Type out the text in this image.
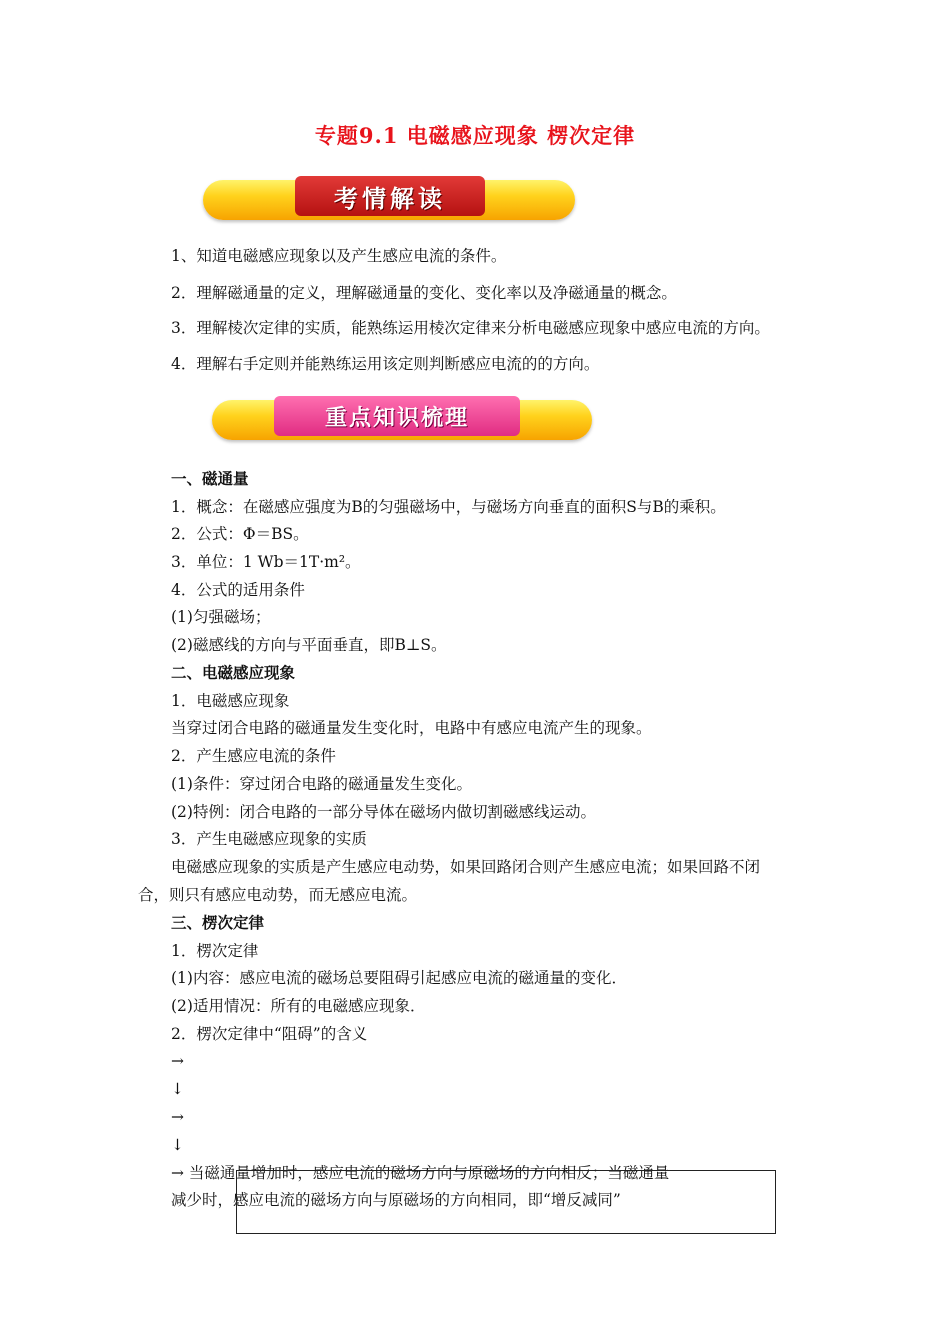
专题9.1 电磁感应现象 楞次定律
考情解读
1、知道电磁感应现象以及产生感应电流的条件。
2．理解磁通量的定义，理解磁通量的变化、变化率以及净磁通量的概念。
3．理解棱次定律的实质，能熟练运用棱次定律来分析电磁感应现象中感应电流的方向。
4．理解右手定则并能熟练运用该定则判断感应电流的的方向。
重点知识梳理
一、磁通量
1．概念：在磁感应强度为B的匀强磁场中，与磁场方向垂直的面积S与B的乘积。
2．公式：Φ＝BS。
3．单位：1 Wb＝1T·m²。
4．公式的适用条件
(1)匀强磁场；
(2)磁感线的方向与平面垂直，即B⊥S。
二、电磁感应现象
1．电磁感应现象
当穿过闭合电路的磁通量发生变化时，电路中有感应电流产生的现象。
2．产生感应电流的条件
(1)条件：穿过闭合电路的磁通量发生变化。
(2)特例：闭合电路的一部分导体在磁场内做切割磁感线运动。
3．产生电磁感应现象的实质
电磁感应现象的实质是产生感应电动势，如果回路闭合则产生感应电流；如果回路不闭
合，则只有感应电动势，而无感应电流。
三、楞次定律
1．楞次定律
(1)内容：感应电流的磁场总要阻碍引起感应电流的磁通量的变化．
(2)适用情况：所有的电磁感应现象．
2．楞次定律中“阻碍”的含义
→
↓
→
↓
→ 当磁通量增加时，感应电流的磁场方向与原磁场的方向相反；当磁通量
减少时，感应电流的磁场方向与原磁场的方向相同，即“增反减同”
